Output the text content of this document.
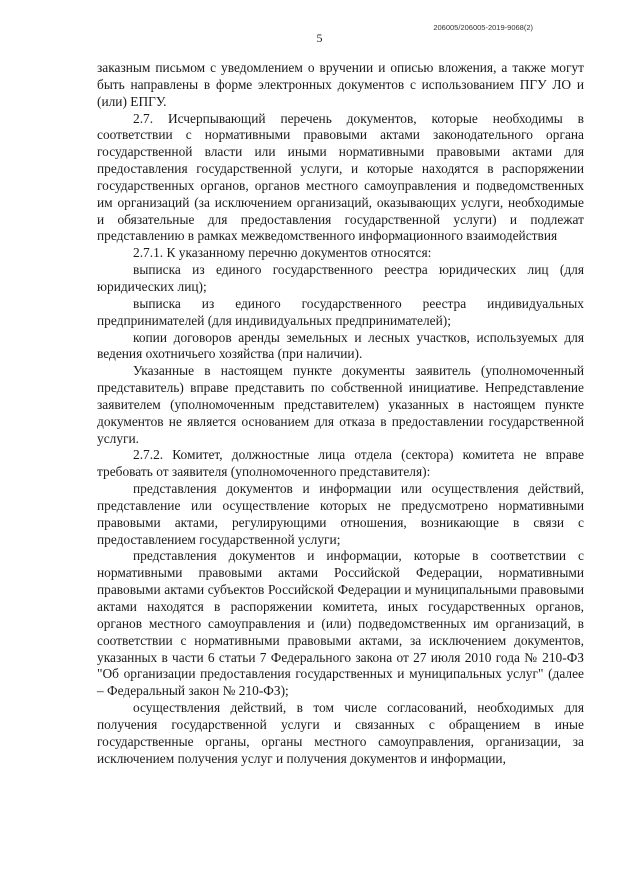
206005/206005-2019-9068(2)
5

заказным письмом с уведомлением о вручении и описью вложения, а также могут быть направлены в форме электронных документов с использованием ПГУ ЛО и (или) ЕПГУ.

2.7. Исчерпывающий перечень документов, которые необходимы в соответствии с нормативными правовыми актами законодательного органа государственной власти или иными нормативными правовыми актами для предоставления государственной услуги, и которые находятся в распоряжении государственных органов, органов местного самоуправления и подведомственных им организаций (за исключением организаций, оказывающих услуги, необходимые и обязательные для предоставления государственной услуги) и подлежат представлению в рамках межведомственного информационного взаимодействия

2.7.1. К указанному перечню документов относятся:

выписка из единого государственного реестра юридических лиц (для юридических лиц);

выписка из единого государственного реестра индивидуальных предпринимателей (для индивидуальных предпринимателей);

копии договоров аренды земельных и лесных участков, используемых для ведения охотничьего хозяйства (при наличии).

Указанные в настоящем пункте документы заявитель (уполномоченный представитель) вправе представить по собственной инициативе. Непредставление заявителем (уполномоченным представителем) указанных в настоящем пункте документов не является основанием для отказа в предоставлении государственной услуги.

2.7.2. Комитет, должностные лица отдела (сектора) комитета не вправе требовать от заявителя (уполномоченного представителя):

представления документов и информации или осуществления действий, представление или осуществление которых не предусмотрено нормативными правовыми актами, регулирующими отношения, возникающие в связи с предоставлением государственной услуги;

представления документов и информации, которые в соответствии с нормативными правовыми актами Российской Федерации, нормативными правовыми актами субъектов Российской Федерации и муниципальными правовыми актами находятся в распоряжении комитета, иных государственных органов, органов местного самоуправления и (или) подведомственных им организаций, в соответствии с нормативными правовыми актами, за исключением документов, указанных в части 6 статьи 7 Федерального закона от 27 июля 2010 года № 210-ФЗ "Об организации предоставления государственных и муниципальных услуг" (далее – Федеральный закон № 210-ФЗ);

осуществления действий, в том числе согласований, необходимых для получения государственной услуги и связанных с обращением в иные государственные органы, органы местного самоуправления, организации, за исключением получения услуг и получения документов и информации,
